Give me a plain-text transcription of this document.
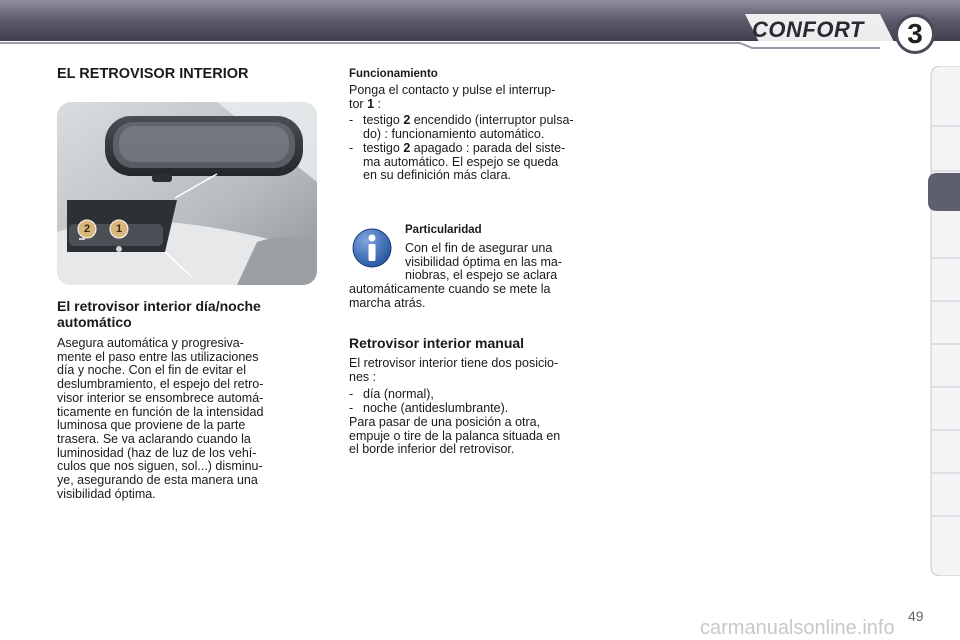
CONFORT	3
EL RETROVISOR INTERIOR
2	1
El retrovisor interior día/noche automático
Asegura automática y progresiva-
mente el paso entre las utilizaciones
día y noche. Con el fin de evitar el
deslumbramiento, el espejo del retro-
visor interior se ensombrece automá-
ticamente en función de la intensidad
luminosa que proviene de la parte
trasera. Se va aclarando cuando la
luminosidad (haz de luz de los vehí-
culos que nos siguen, sol...) disminu-
ye, asegurando de esta manera una
visibilidad óptima.
Funcionamiento
Ponga el contacto y pulse el interrup-
tor 1 :
- testigo 2 encendido (interruptor pulsa-
do) : funcionamiento automático.
- testigo 2 apagado : parada del siste-
ma automático. El espejo se queda
en su definición más clara.
Particularidad
Con el fin de asegurar una
visibilidad óptima en las ma-
niobras, el espejo se aclara
automáticamente cuando se mete la
marcha atrás.
Retrovisor interior manual
El retrovisor interior tiene dos posicio-
nes :
- día (normal),
- noche (antideslumbrante).
Para pasar de una posición a otra,
empuje o tire de la palanca situada en
el borde inferior del retrovisor.
49
carmanualsonline.info
